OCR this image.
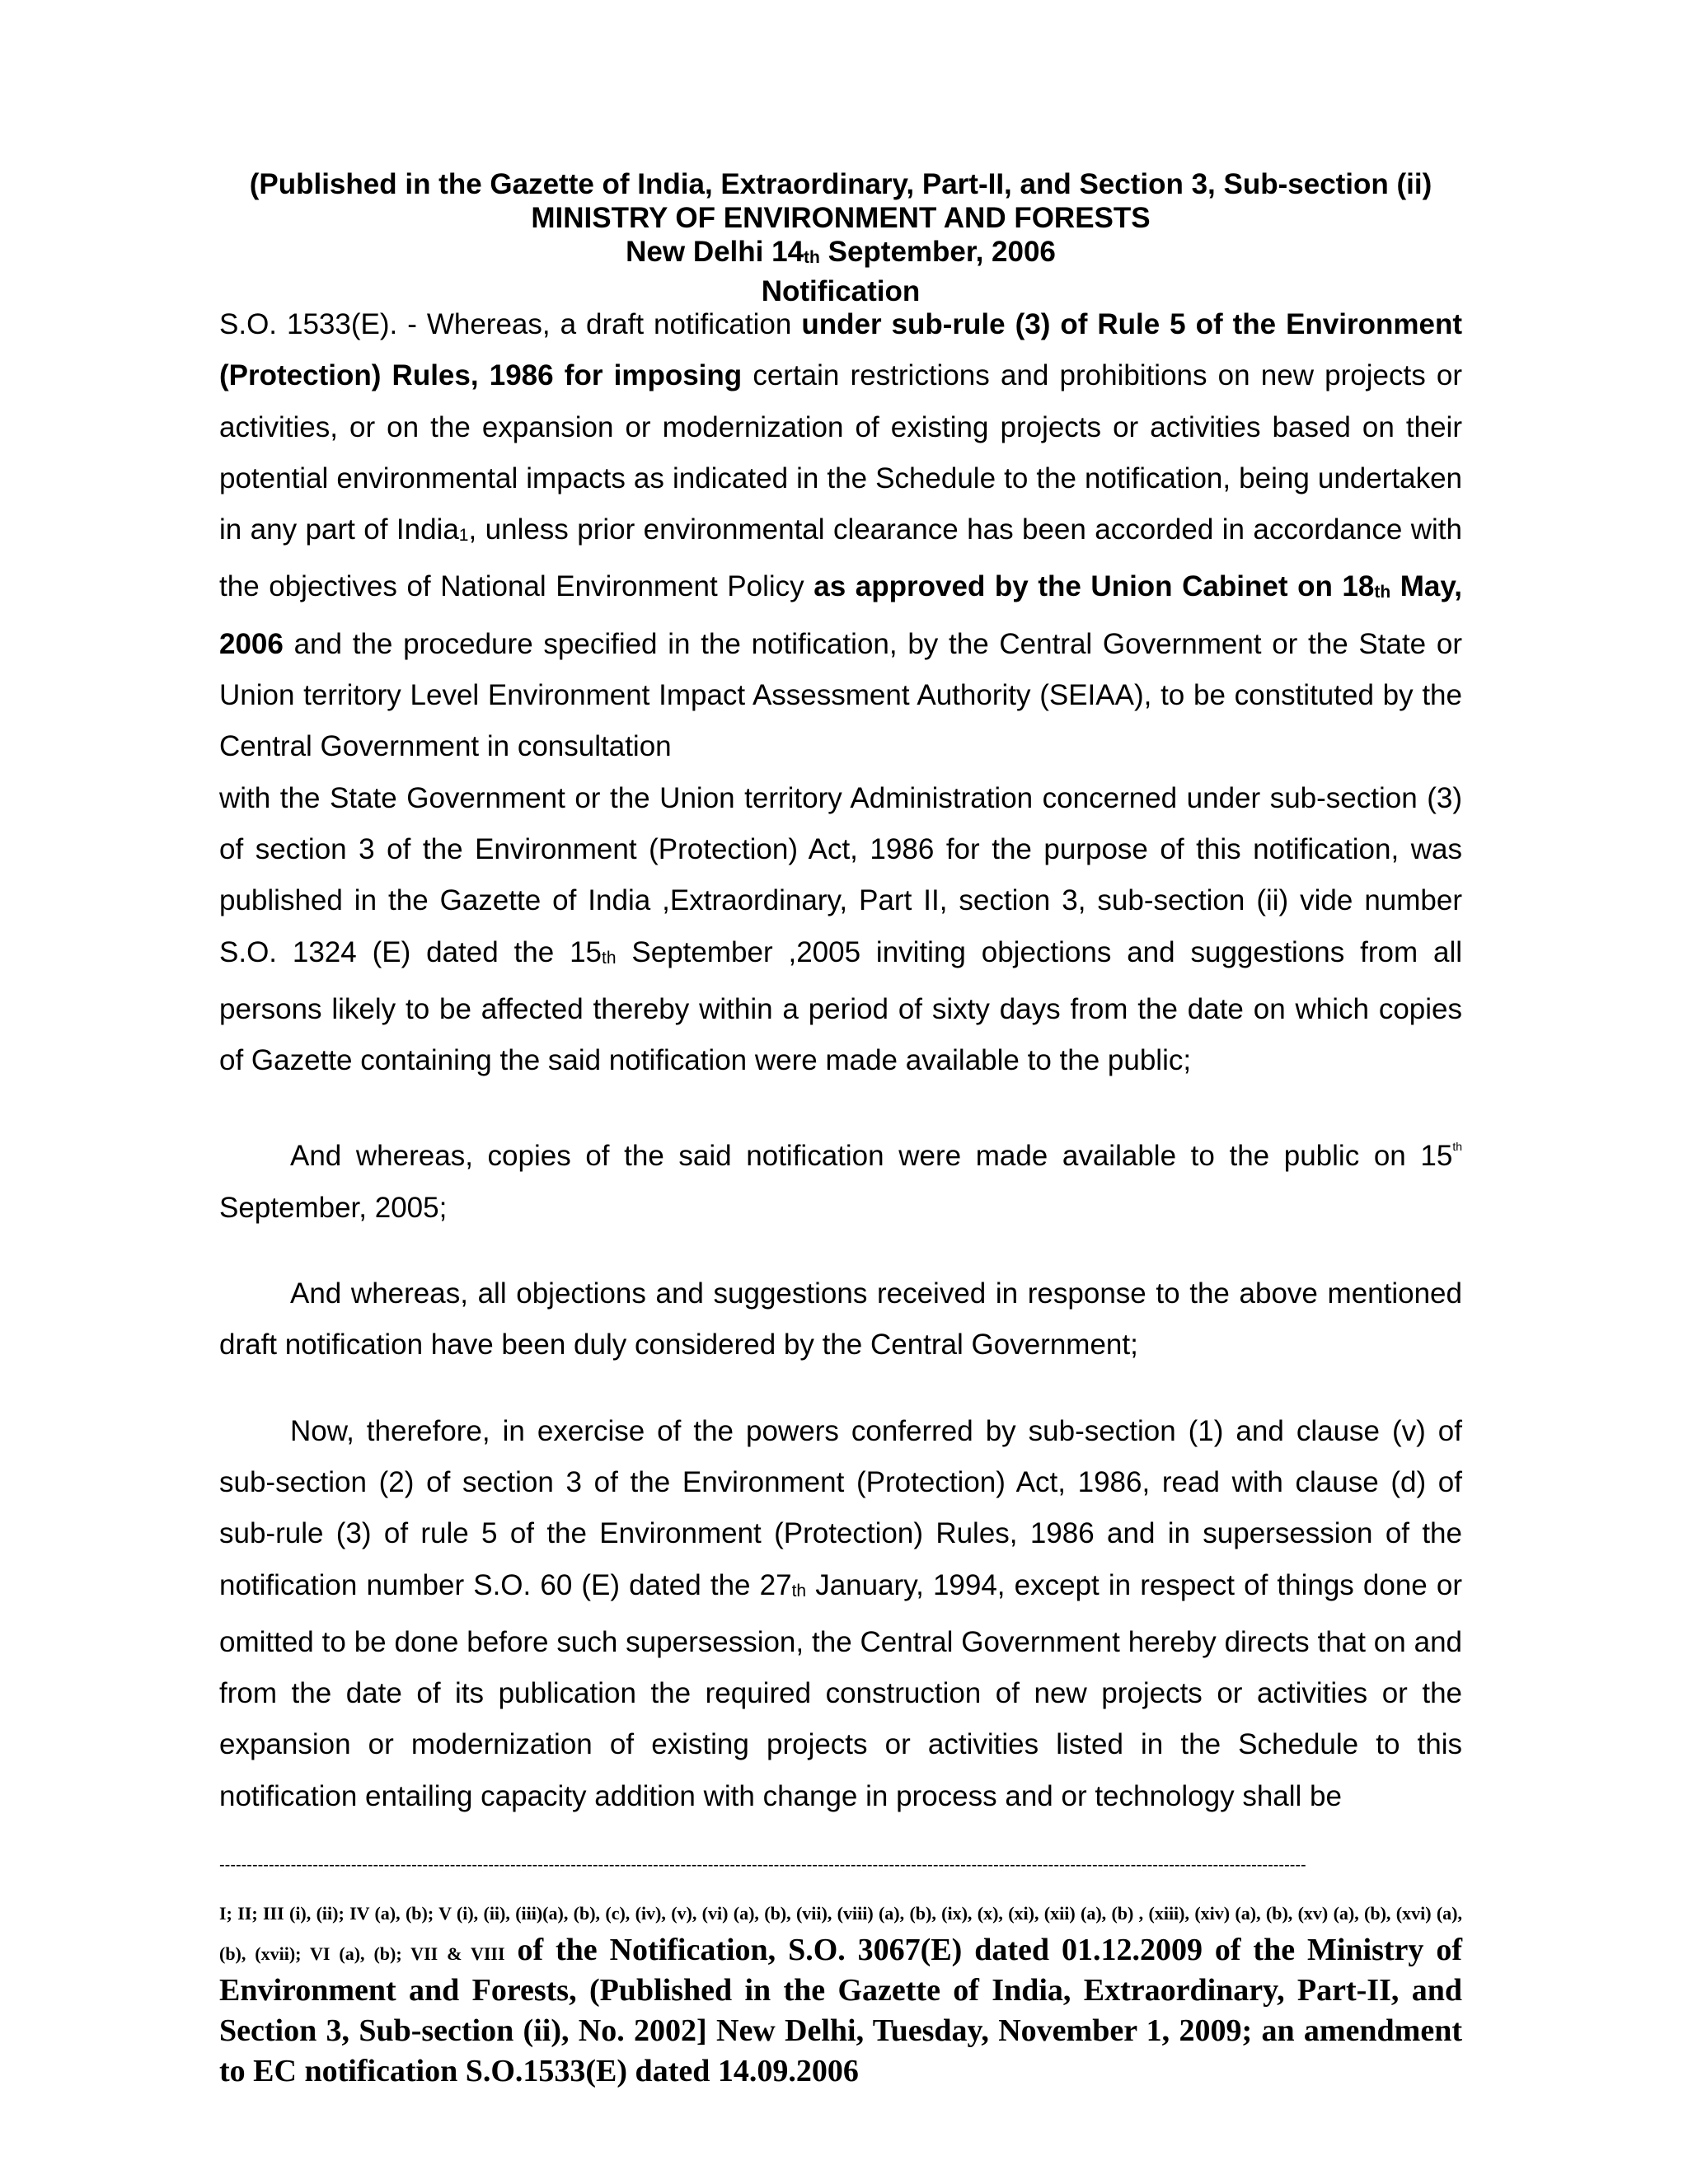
(Published in the Gazette of India, Extraordinary, Part-II, and Section 3, Sub-section (ii)
MINISTRY OF ENVIRONMENT AND FORESTS
New Delhi 14th September, 2006
Notification

S.O. 1533(E). - Whereas, a draft notification under sub-rule (3) of Rule 5 of the Environment (Protection) Rules, 1986 for imposing certain restrictions and prohibitions on new projects or activities, or on the expansion or modernization of existing projects or activities based on their potential environmental impacts as indicated in the Schedule to the notification, being undertaken in any part of India1, unless prior environmental clearance has been accorded in accordance with the objectives of National Environment Policy as approved by the Union Cabinet on 18th May, 2006 and the procedure specified in the notification, by the Central Government or the State or Union territory Level Environment Impact Assessment Authority (SEIAA), to be constituted by the Central Government in consultation

with the State Government or the Union territory Administration concerned under sub-section (3) of section 3 of the Environment (Protection) Act, 1986 for the purpose of this notification, was published in the Gazette of India ,Extraordinary, Part II, section 3, sub-section (ii) vide number S.O. 1324 (E) dated the 15th September ,2005 inviting objections and suggestions from all persons likely to be affected thereby within a period of sixty days from the date on which copies of Gazette containing the said notification were made available to the public;

And whereas, copies of the said notification were made available to the public on 15th September, 2005;

And whereas, all objections and suggestions received in response to the above mentioned draft notification have been duly considered by the Central Government;

Now, therefore, in exercise of the powers conferred by sub-section (1) and clause (v) of sub-section (2) of section 3 of the Environment (Protection) Act, 1986, read with clause (d) of sub-rule (3) of rule 5 of the Environment (Protection) Rules, 1986 and in supersession of the notification number S.O. 60 (E) dated the 27th January, 1994, except in respect of things done or omitted to be done before such supersession, the Central Government hereby directs that on and from the date of its publication the required construction of new projects or activities or the expansion or modernization of existing projects or activities listed in the Schedule to this notification entailing capacity addition with change in process and or technology shall be

------------------------------------------------------------------------------------------------------------------------------------------------------------------------------------------------------

I; II; III (i), (ii); IV (a), (b); V (i), (ii), (iii)(a), (b), (c), (iv), (v), (vi) (a), (b), (vii), (viii) (a), (b), (ix), (x), (xi), (xii) (a), (b) , (xiii), (xiv) (a), (b), (xv) (a), (b), (xvi) (a), (b), (xvii); VI (a), (b); VII & VIII of the Notification, S.O. 3067(E) dated 01.12.2009 of the Ministry of Environment and Forests, (Published in the Gazette of India, Extraordinary, Part-II, and Section 3, Sub-section (ii), No. 2002] New Delhi, Tuesday, November 1, 2009; an amendment to EC notification S.O.1533(E) dated 14.09.2006
